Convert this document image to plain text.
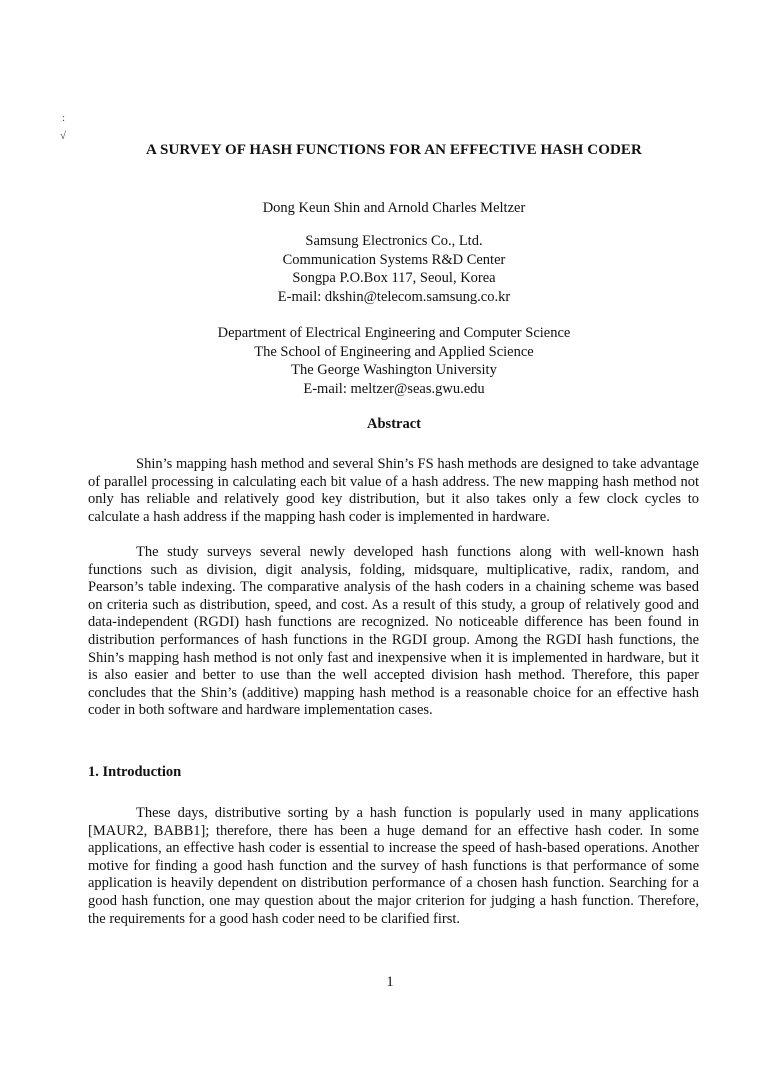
:
√
A SURVEY OF HASH FUNCTIONS FOR AN EFFECTIVE HASH CODER
Dong Keun Shin and Arnold Charles Meltzer
Samsung Electronics Co., Ltd.
Communication Systems R&D Center
Songpa P.O.Box 117, Seoul, Korea
E-mail: dkshin@telecom.samsung.co.kr
Department of Electrical Engineering and Computer Science
The School of Engineering and Applied Science
The George Washington University
E-mail: meltzer@seas.gwu.edu
Abstract

Shin’s mapping hash method and several Shin’s FS hash methods are designed to take advantage of parallel processing in calculating each bit value of a hash address. The new mapping hash method not only has reliable and relatively good key distribution, but it also takes only a few clock cycles to calculate a hash address if the mapping hash coder is implemented in hardware.

The study surveys several newly developed hash functions along with well-known hash functions such as division, digit analysis, folding, midsquare, multiplicative, radix, random, and Pearson’s table indexing. The comparative analysis of the hash coders in a chaining scheme was based on criteria such as distribution, speed, and cost. As a result of this study, a group of relatively good and data-independent (RGDI) hash functions are recognized. No noticeable difference has been found in distribution performances of hash functions in the RGDI group. Among the RGDI hash functions, the Shin’s mapping hash method is not only fast and inexpensive when it is implemented in hardware, but it is also easier and better to use than the well accepted division hash method. Therefore, this paper concludes that the Shin’s (additive) mapping hash method is a reasonable choice for an effective hash coder in both software and hardware implementation cases.

1. Introduction

These days, distributive sorting by a hash function is popularly used in many applications [MAUR2, BABB1]; therefore, there has been a huge demand for an effective hash coder. In some applications, an effective hash coder is essential to increase the speed of hash-based operations. Another motive for finding a good hash function and the survey of hash functions is that performance of some application is heavily dependent on distribution performance of a chosen hash function. Searching for a good hash function, one may question about the major criterion for judging a hash function. Therefore, the requirements for a good hash coder need to be clarified first.

1
